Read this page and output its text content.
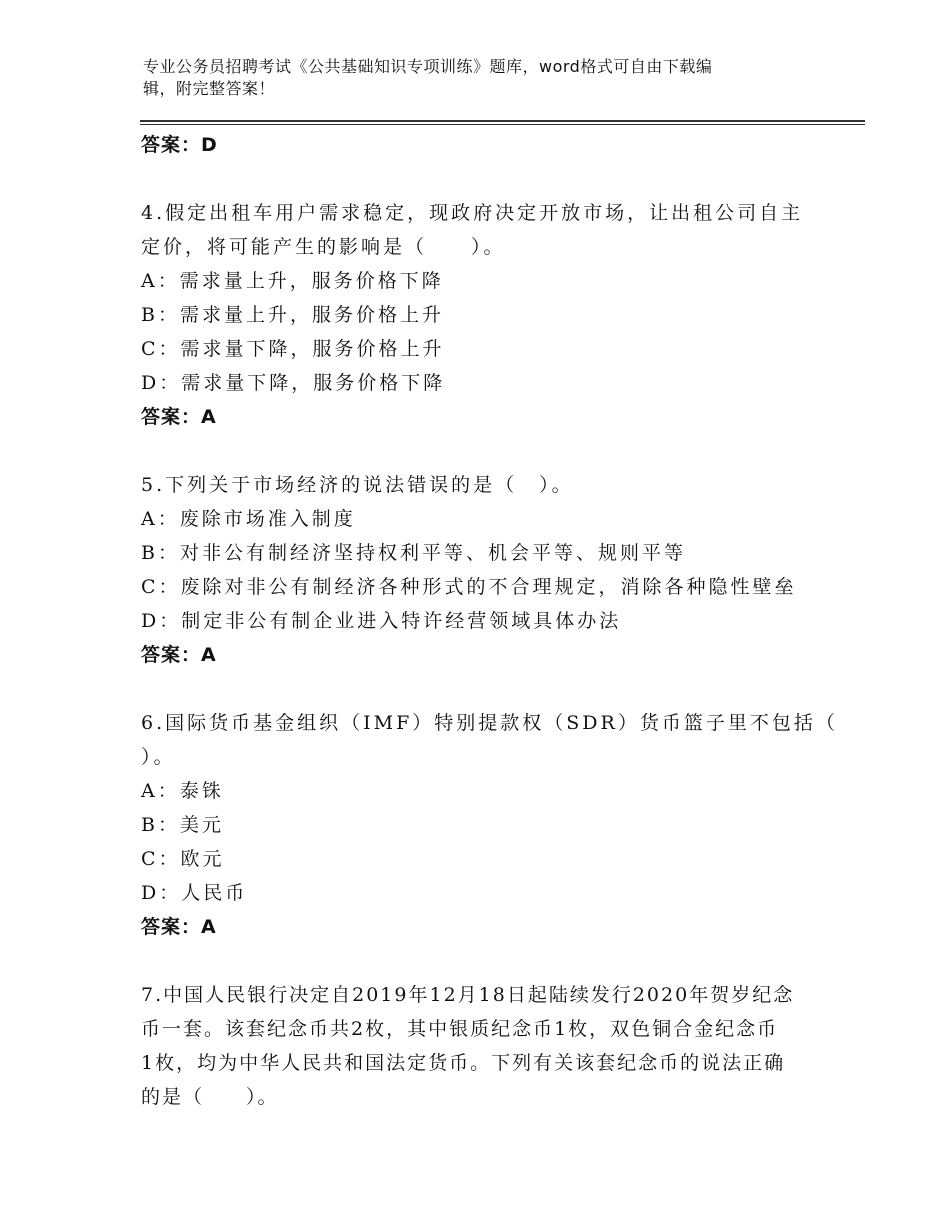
专业公务员招聘考试《公共基础知识专项训练》题库，word格式可自由下载编
辑，附完整答案！
答案：D
4.假定出租车用户需求稳定，现政府决定开放市场，让出租公司自主
定价，将可能产生的影响是（　　）。
A：需求量上升，服务价格下降
B：需求量上升，服务价格上升
C：需求量下降，服务价格上升
D：需求量下降，服务价格下降
答案：A
5.下列关于市场经济的说法错误的是（　）。
A：废除市场准入制度
B：对非公有制经济坚持权利平等、机会平等、规则平等
C：废除对非公有制经济各种形式的不合理规定，消除各种隐性壁垒
D：制定非公有制企业进入特许经营领域具体办法
答案：A
6.国际货币基金组织（IMF）特别提款权（SDR）货币篮子里不包括（
）。
A：泰铢
B：美元
C：欧元
D：人民币
答案：A
7.中国人民银行决定自2019年12月18日起陆续发行2020年贺岁纪念
币一套。该套纪念币共2枚，其中银质纪念币1枚，双色铜合金纪念币
1枚，均为中华人民共和国法定货币。下列有关该套纪念币的说法正确
的是（　　）。
